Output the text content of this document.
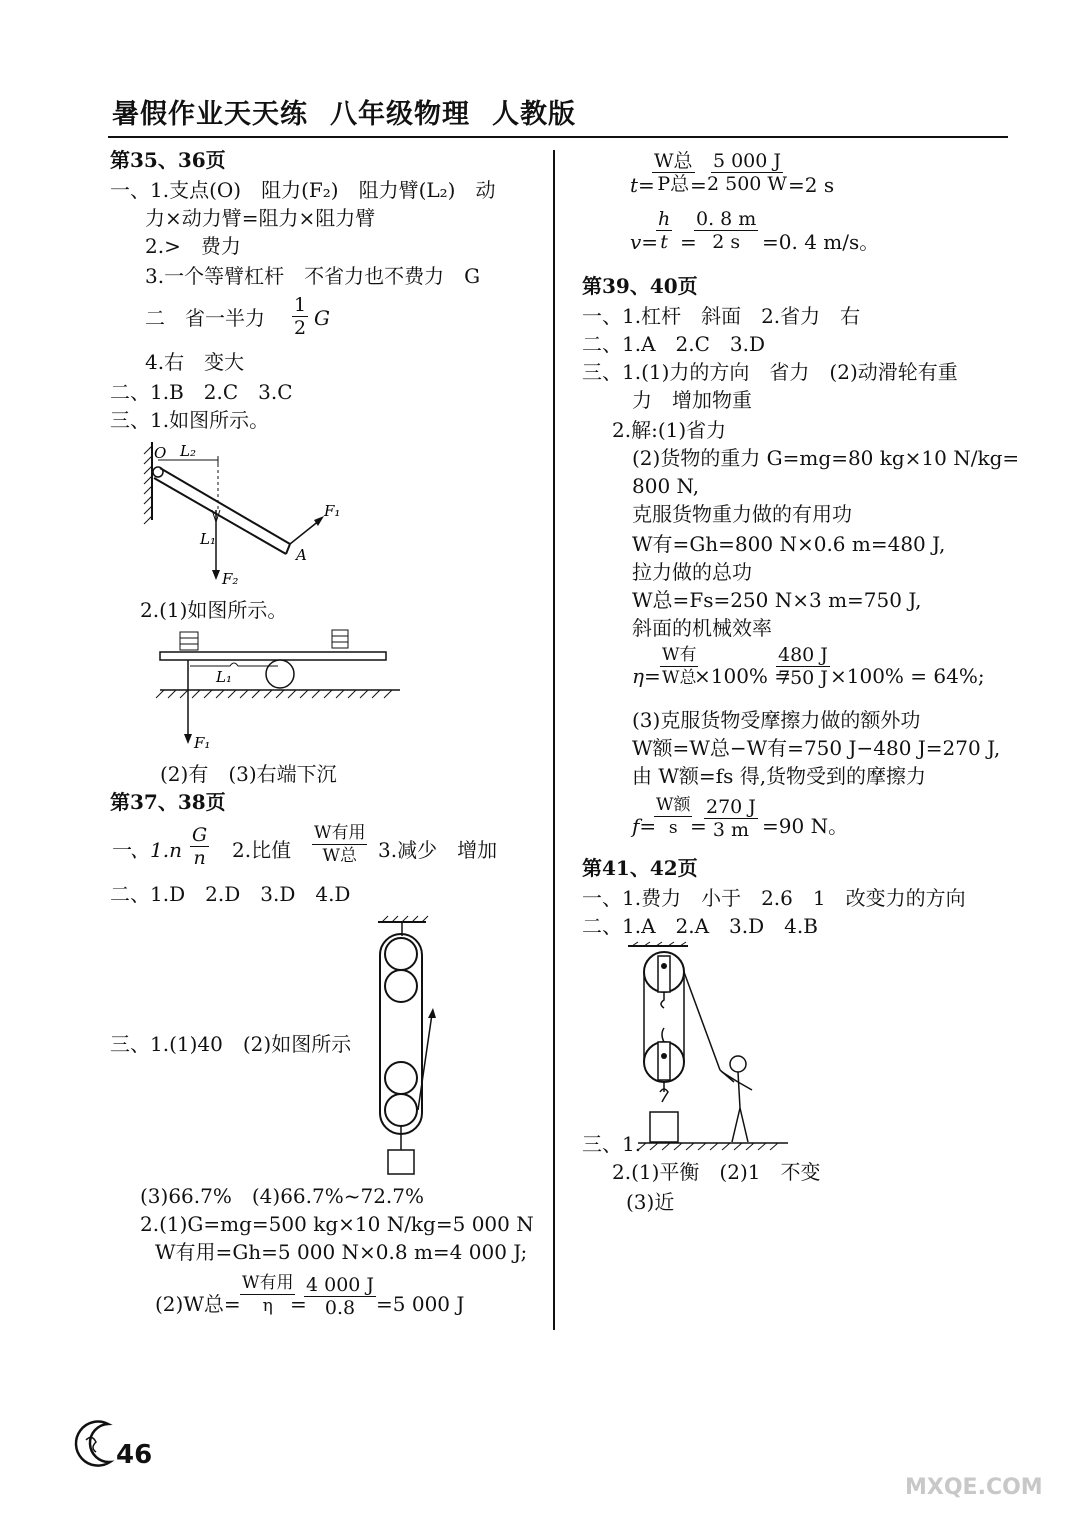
暑假作业天天练 八年级物理 人教版
第35、36页
一、1.支点(O)　阻力(F₂)　阻力臂(L₂)　动
力×动力臂=阻力×阻力臂
2.>　费力
3.一个等臂杠杆　不省力也不费力　G
二　省一半力 $\frac{1}{2}$ G
4.右　变大
二、1.B　2.C　3.C
三、1.如图所示。
O L₂
L₁
F₁
F₂
A
2.(1)如图所示。
L₁
F₁
(2)有　(3)右端下沉
第37、38页
一、$1.n \frac{G}{n} 2$.比值
W有用
W总 3.减少　增加
二、1.D　2.D　3.D　4.D
三、1.(1)40　(2)如图所示
(3)66.7%　(4)66.7%~72.7%
2.(1)G=mg=500 kg×10 N/kg=5 000 N
W有用=Gh=5 000 N×0.8 m=4 000 J;
(2)W总=
W有用
η =
$\frac{4 000 J}{0.8} =5$ 000 J
t=
W总
P总 =
$\frac{5 000 J}{2 500 W} =2$ s
v=
$\frac{h}{t}$ =
$\frac{0. 8 m}{2 s} =0$. 4 m/s。
第39、40页
一、1.杠杆　斜面　2.省力　右
二、1.A　2.C　3.D
三、1.(1)力的方向　省力　(2)动滑轮有重
力　增加物重
2.解:(1)省力
(2)货物的重力 G=mg=80 kg×10 N/kg=
800 N,
克服货物重力做的有用功
W有=Gh=800 N×0.6 m=480 J,
拉力做的总功
W总=Fs=250 N×3 m=750 J,
斜面的机械效率
η=
W有
W总
×100% =
$\frac{480 J}{750 J} \times 100\% = 64\%$;
(3)克服货物受摩擦力做的额外功
W额=W总−W有=750 J−480 J=270 J,
由 W额=fs 得,货物受到的摩擦力
f=
W额
s =
$\frac{270 J}{3 m} =90$ N。
第41、42页
一、1.费力　小于　2.6　1　改变力的方向
二、1.A　2.A　3.D　4.B
三、1.
2.(1)平衡　(2)1　不变
(3)近
46
MXQE.COM
